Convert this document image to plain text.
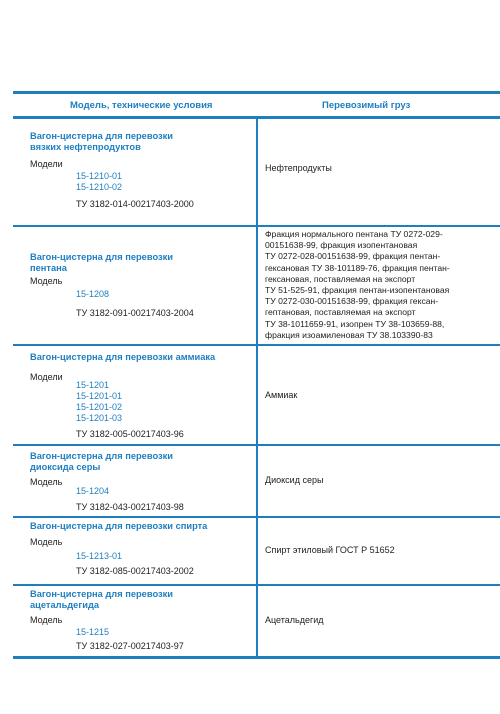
Модель, технические условия	Перевозимый груз
Вагон-цистерна для перевозки
вязких нефтепродуктов
Модели
15-1210-01
15-1210-02
ТУ 3182-014-00217403-2000
Нефтепродукты
Вагон-цистерна для перевозки
пентана
Модель
15-1208
ТУ 3182-091-00217403-2004
Фракция нормального пентана ТУ 0272-029-
00151638-99, фракция изопентановая
ТУ 0272-028-00151638-99, фракция пентан-
гексановая ТУ 38-101189-76, фракция пентан-
гексановая, поставляемая на экспорт
ТУ 51-525-91, фракция пентан-изопентановая
ТУ 0272-030-00151638-99, фракция гексан-
гептановая, поставляемая на экспорт
ТУ 38-1011659-91, изопрен ТУ 38-103659-88,
фракция изоамиленовая ТУ 38.103390-83
Вагон-цистерна для перевозки аммиака
Модели
15-1201
15-1201-01
15-1201-02
15-1201-03
ТУ 3182-005-00217403-96
Аммиак
Вагон-цистерна для перевозки
диоксида серы
Модель
15-1204
ТУ 3182-043-00217403-98
Диоксид серы
Вагон-цистерна для перевозки спирта
Модель
15-1213-01
ТУ 3182-085-00217403-2002
Спирт этиловый ГОСТ Р 51652
Вагон-цистерна для перевозки
ацетальдегида
Модель
15-1215
ТУ 3182-027-00217403-97
Ацетальдегид
